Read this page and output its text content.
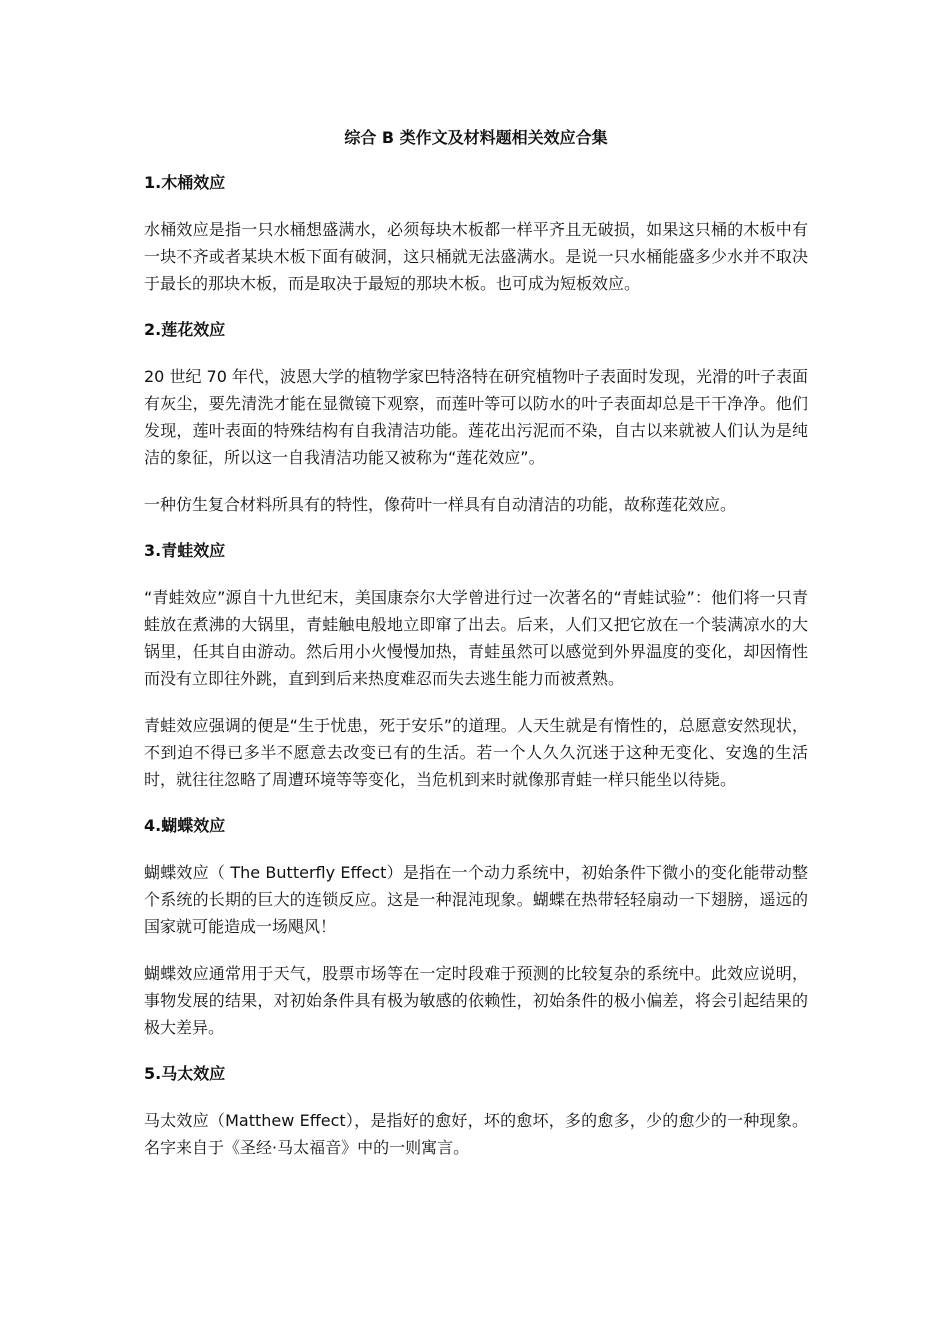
综合 B 类作文及材料题相关效应合集
1.木桶效应

水桶效应是指一只水桶想盛满水，必须每块木板都一样平齐且无破损，如果这只桶的木板中有一块不齐或者某块木板下面有破洞，这只桶就无法盛满水。是说一只水桶能盛多少水并不取决于最长的那块木板，而是取决于最短的那块木板。也可成为短板效应。

2.莲花效应

20 世纪 70 年代，波恩大学的植物学家巴特洛特在研究植物叶子表面时发现，光滑的叶子表面有灰尘，要先清洗才能在显微镜下观察，而莲叶等可以防水的叶子表面却总是干干净净。他们发现，莲叶表面的特殊结构有自我清洁功能。莲花出污泥而不染，自古以来就被人们认为是纯洁的象征，所以这一自我清洁功能又被称为“莲花效应”。

一种仿生复合材料所具有的特性，像荷叶一样具有自动清洁的功能，故称莲花效应。

3.青蛙效应

“青蛙效应”源自十九世纪末，美国康奈尔大学曾进行过一次著名的“青蛙试验”：他们将一只青蛙放在煮沸的大锅里，青蛙触电般地立即窜了出去。后来，人们又把它放在一个装满凉水的大锅里，任其自由游动。然后用小火慢慢加热，青蛙虽然可以感觉到外界温度的变化，却因惰性而没有立即往外跳，直到到后来热度难忍而失去逃生能力而被煮熟。

青蛙效应强调的便是“生于忧患，死于安乐”的道理。人天生就是有惰性的，总愿意安然现状，不到迫不得已多半不愿意去改变已有的生活。若一个人久久沉迷于这种无变化、安逸的生活时，就往往忽略了周遭环境等等变化，当危机到来时就像那青蛙一样只能坐以待毙。

4.蝴蝶效应

蝴蝶效应（ The Butterfly Effect）是指在一个动力系统中，初始条件下微小的变化能带动整个系统的长期的巨大的连锁反应。这是一种混沌现象。蝴蝶在热带轻轻扇动一下翅膀，遥远的国家就可能造成一场飓风！

蝴蝶效应通常用于天气，股票市场等在一定时段难于预测的比较复杂的系统中。此效应说明，事物发展的结果，对初始条件具有极为敏感的依赖性，初始条件的极小偏差，将会引起结果的极大差异。

5.马太效应

马太效应（Matthew Effect），是指好的愈好，坏的愈坏，多的愈多，少的愈少的一种现象。名字来自于《圣经·马太福音》中的一则寓言。
